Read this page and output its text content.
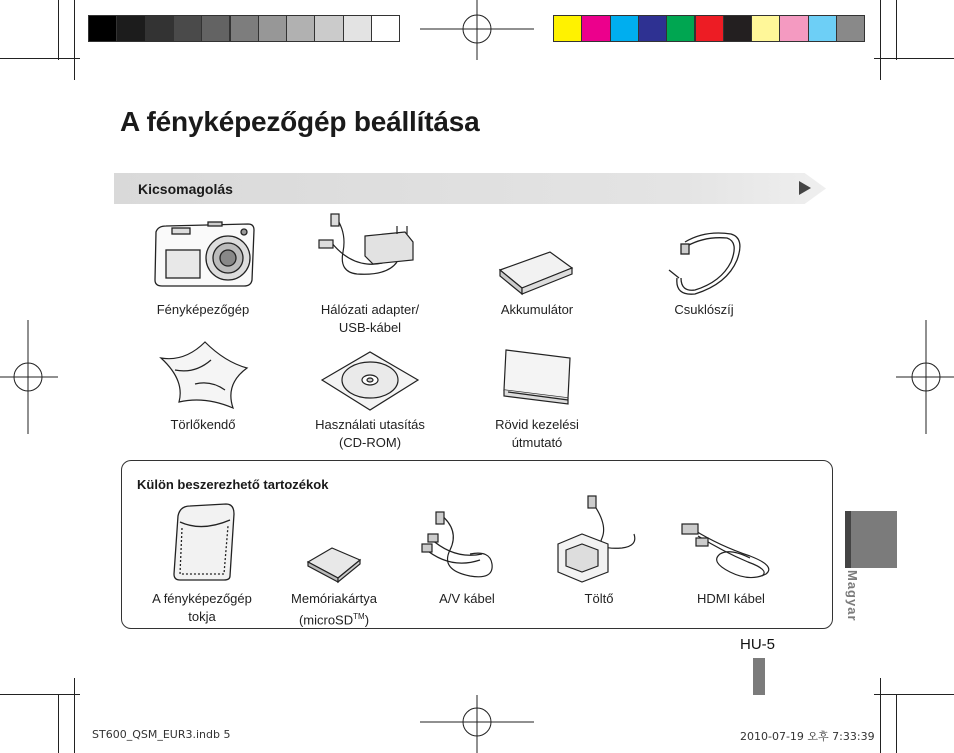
A fényképezőgép beállítása
Kicsomagolás
Fényképezőgép	Hálózati adapter/
USB-kábel
Akkumulátor	Csuklószíj
Törlőkendő	Használati utasítás
(CD-ROM)
Rövid kezelési
útmutató
Külön beszerezhető tartozékok
A fényképezőgép
tokja
Memóriakártya
(microSD™)
A/V kábel	Töltő	HDMI kábel	Magyar
HU-5
ST600_QSM_EUR3.indb 5	2010-07-19 오후 7:33:39
